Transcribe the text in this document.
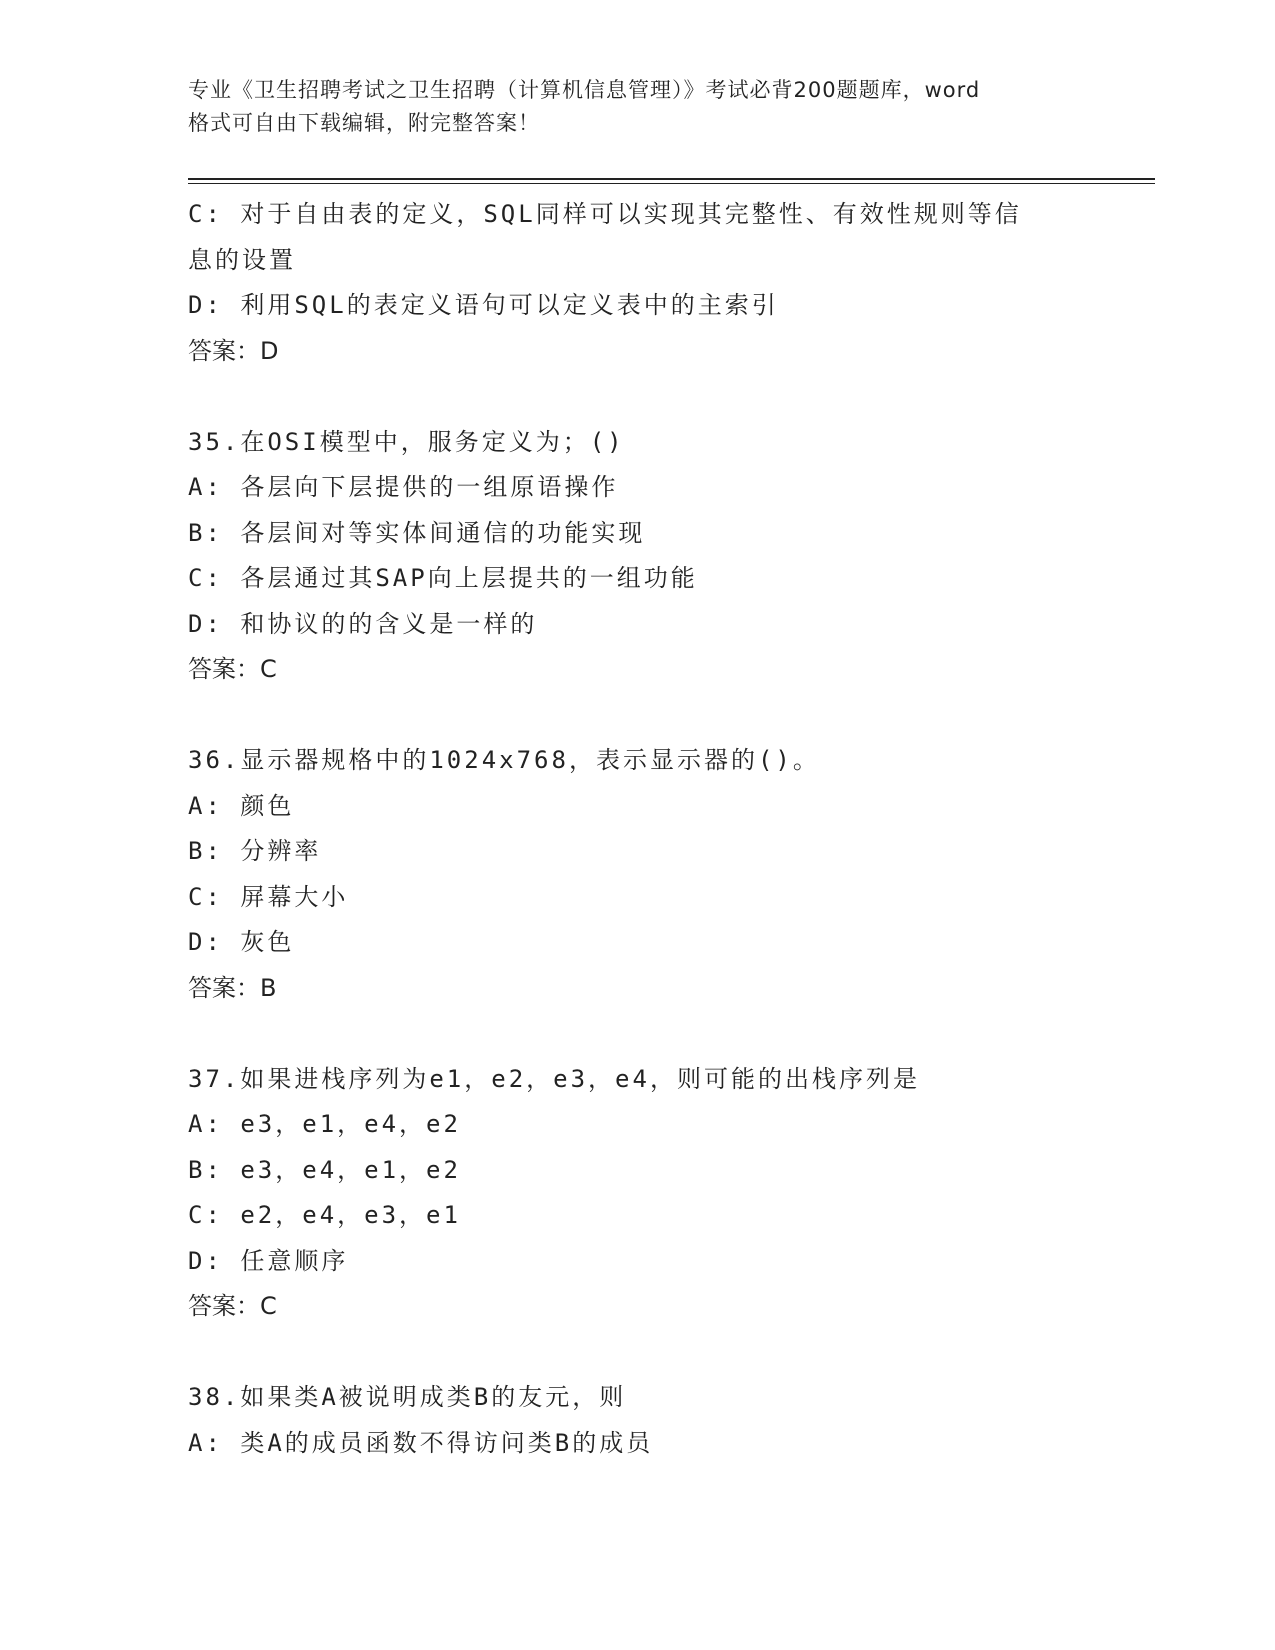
专业《卫生招聘考试之卫生招聘（计算机信息管理）》考试必背200题题库，word
格式可自由下载编辑，附完整答案！
C: 对于自由表的定义，SQL同样可以实现其完整性、有效性规则等信
息的设置
D: 利用SQL的表定义语句可以定义表中的主索引
答案：D
35.在OSI模型中，服务定义为；()
A: 各层向下层提供的一组原语操作
B: 各层间对等实体间通信的功能实现
C: 各层通过其SAP向上层提共的一组功能
D: 和协议的的含义是一样的
答案：C
36.显示器规格中的1024x768，表示显示器的()。
A: 颜色
B: 分辨率
C: 屏幕大小
D: 灰色
答案：B
37.如果进栈序列为e1，e2，e3，e4，则可能的出栈序列是
A: e3，e1，e4，e2
B: e3，e4，e1，e2
C: e2，e4，e3，e1
D: 任意顺序
答案：C
38.如果类A被说明成类B的友元，则
A: 类A的成员函数不得访问类B的成员
